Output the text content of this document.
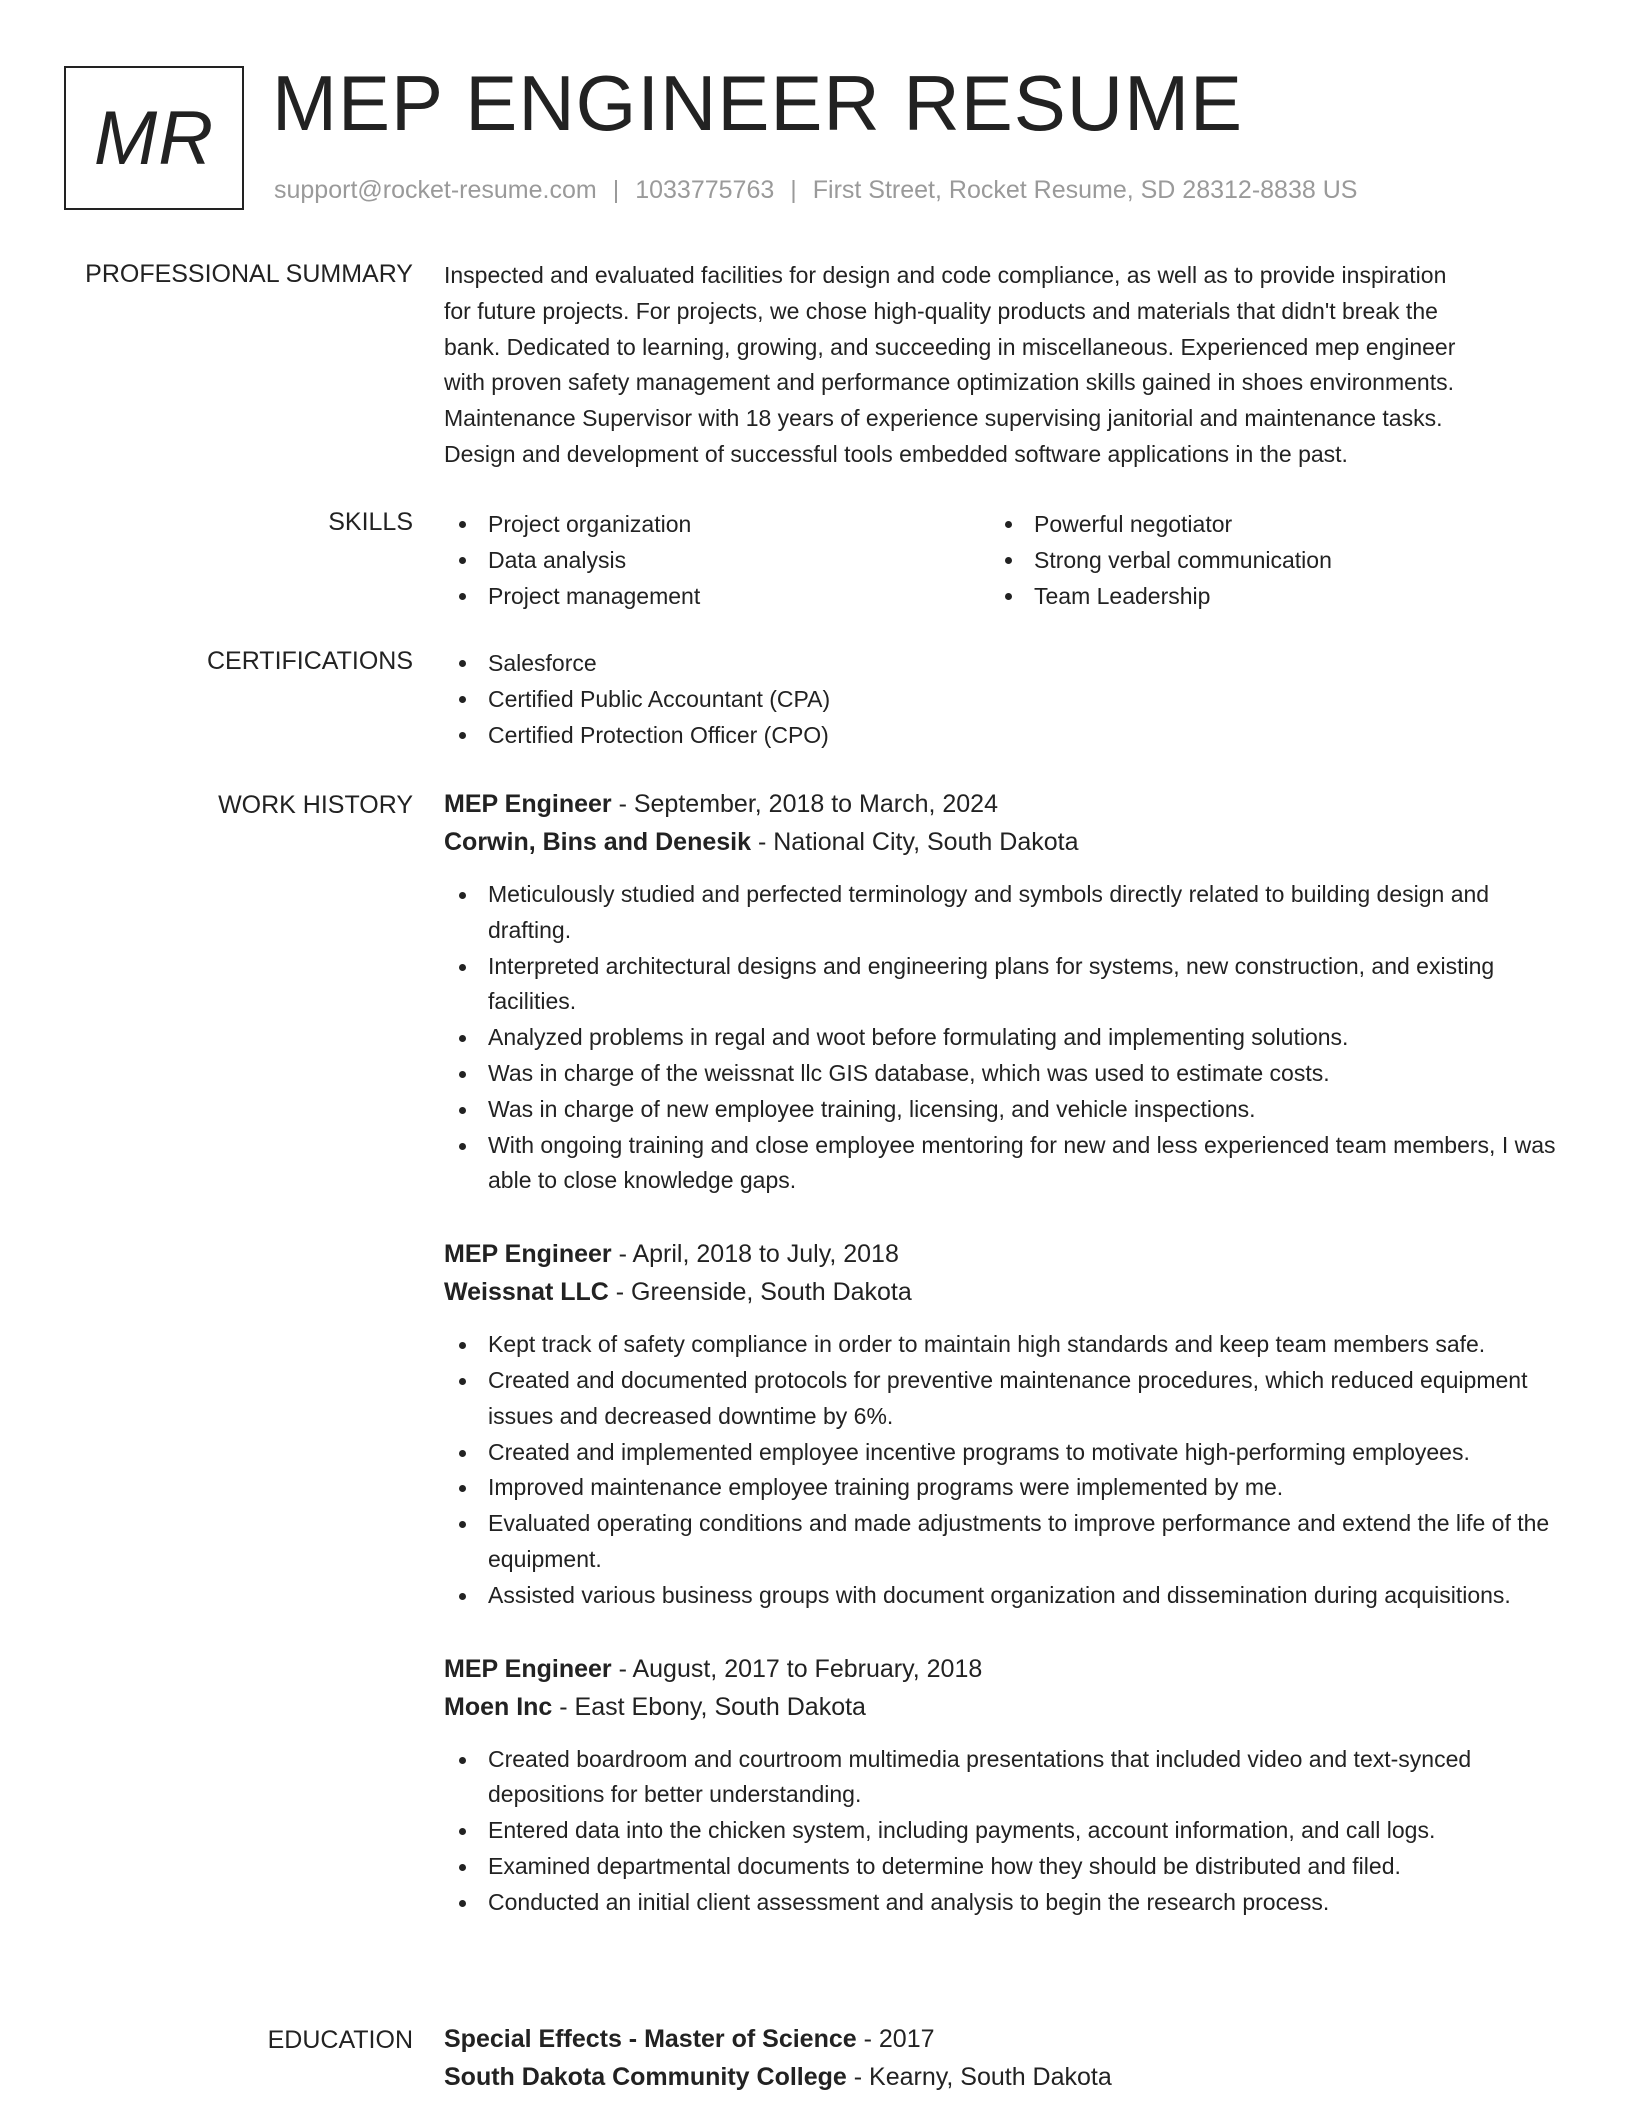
MR MEP ENGINEER RESUME
support@rocket-resume.com | 1033775763 | First Street, Rocket Resume, SD 28312-8838 US
PROFESSIONAL SUMMARY Inspected and evaluated facilities for design and code compliance, as well as to provide inspiration
for future projects. For projects, we chose high-quality products and materials that didn't break the
bank. Dedicated to learning, growing, and succeeding in miscellaneous. Experienced mep engineer
with proven safety management and performance optimization skills gained in shoes environments.
Maintenance Supervisor with 18 years of experience supervising janitorial and maintenance tasks.
Design and development of successful tools embedded software applications in the past.

SKILLS	Project organization
Data analysis
Project management
Powerful negotiator
Strong verbal communication
Team Leadership
CERTIFICATIONS	Salesforce
Certified Public Accountant (CPA)
Certified Protection Officer (CPO)
WORK HISTORY MEP Engineer - September, 2018 to March, 2024
Corwin, Bins and Denesik - National City, South Dakota
Meticulously studied and perfected terminology and symbols directly related to building design and drafting.
Interpreted architectural designs and engineering plans for systems, new construction, and existing facilities.
Analyzed problems in regal and woot before formulating and implementing solutions.
Was in charge of the weissnat llc GIS database, which was used to estimate costs.
Was in charge of new employee training, licensing, and vehicle inspections.
With ongoing training and close employee mentoring for new and less experienced team members, I was able to close knowledge gaps.
MEP Engineer - April, 2018 to July, 2018
Weissnat LLC - Greenside, South Dakota
Kept track of safety compliance in order to maintain high standards and keep team members safe.
Created and documented protocols for preventive maintenance procedures, which reduced equipment issues and decreased downtime by 6%.
Created and implemented employee incentive programs to motivate high-performing employees.
Improved maintenance employee training programs were implemented by me.
Evaluated operating conditions and made adjustments to improve performance and extend the life of the equipment.
Assisted various business groups with document organization and dissemination during acquisitions.
MEP Engineer - August, 2017 to February, 2018
Moen Inc - East Ebony, South Dakota
Created boardroom and courtroom multimedia presentations that included video and text-synced depositions for better understanding.
Entered data into the chicken system, including payments, account information, and call logs.
Examined departmental documents to determine how they should be distributed and filed.
Conducted an initial client assessment and analysis to begin the research process.
EDUCATION Special Effects - Master of Science - 2017
South Dakota Community College - Kearny, South Dakota
